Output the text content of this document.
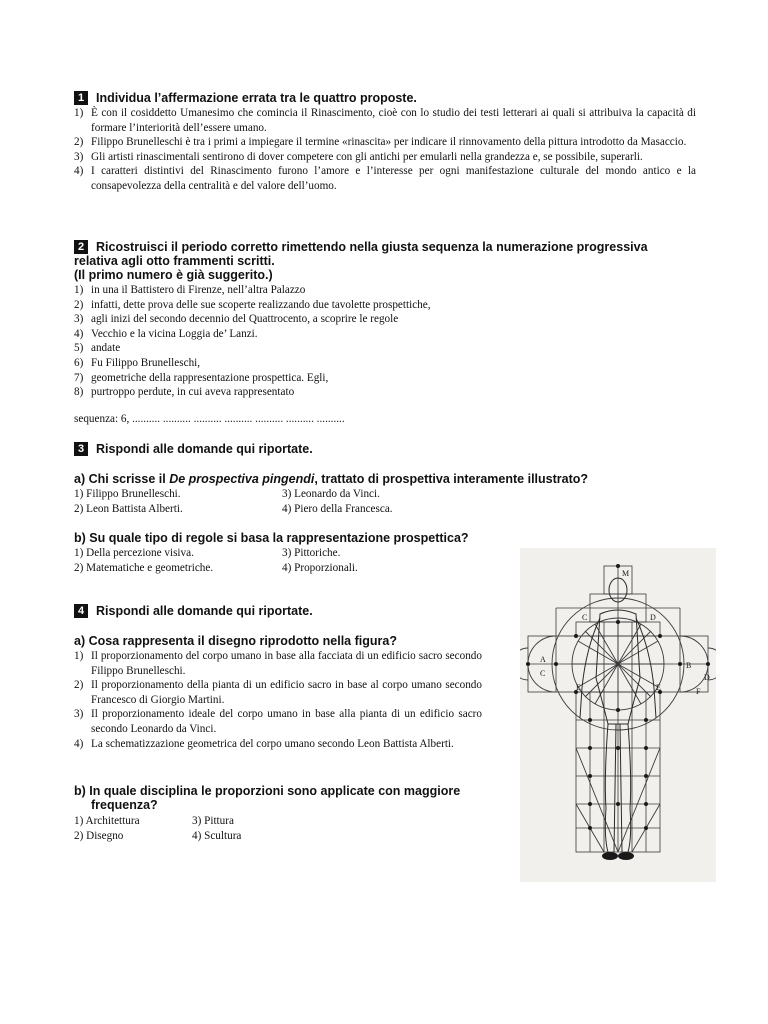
1 Individua l’affermazione errata tra le quattro proposte.
1) È con il cosiddetto Umanesimo che comincia il Rinascimento, cioè con lo studio dei testi letterari ai quali si attribuiva la capacità di formare l’interiorità dell’essere umano.
2) Filippo Brunelleschi è tra i primi a impiegare il termine «rinascita» per indicare il rinnovamento della pittura introdotto da Masaccio.
3) Gli artisti rinascimentali sentirono di dover competere con gli antichi per emularli nella grandezza e, se possibile, superarli.
4) I caratteri distintivi del Rinascimento furono l’amore e l’interesse per ogni manifestazione culturale del mondo antico e la consapevolezza della centralità e del valore dell’uomo.
2 Ricostruisci il periodo corretto rimettendo nella giusta sequenza la numerazione progressiva
relativa agli otto frammenti scritti.
(Il primo numero è già suggerito.)
1) in una il Battistero di Firenze, nell’altra Palazzo
2) infatti, dette prova delle sue scoperte realizzando due tavolette prospettiche,
3) agli inizi del secondo decennio del Quattrocento, a scoprire le regole
4) Vecchio e la vicina Loggia de’ Lanzi.
5) andate
6) Fu Filippo Brunelleschi,
7) geometriche della rappresentazione prospettica. Egli,
8) purtroppo perdute, in cui aveva rappresentato
sequenza: 6, .......... .......... .......... .......... .......... .......... ..........
3 Rispondi alle domande qui riportate.
a) Chi scrisse il De prospectiva pingendi, trattato di prospettiva interamente illustrato?
1) Filippo Brunelleschi.	3) Leonardo da Vinci.
2) Leon Battista Alberti.	4) Piero della Francesca.
b) Su quale tipo di regole si basa la rappresentazione prospettica?
1) Della percezione visiva.	3) Pittoriche.
2) Matematiche e geometriche.	4) Proporzionali.
4 Rispondi alle domande qui riportate.
a) Cosa rappresenta il disegno riprodotto nella figura?
1) Il proporzionamento del corpo umano in base alla facciata di un edificio sacro secondo Filippo Brunelleschi.
2) Il proporzionamento della pianta di un edificio sacro in base al corpo umano secondo Francesco di Giorgio Martini.
3) Il proporzionamento ideale del corpo umano in base alla pianta di un edificio sacro secondo Leonardo da Vinci.
4) La schematizzazione geometrica del corpo umano secondo Leon Battista Alberti.
b) In quale disciplina le proporzioni sono applicate con maggiore
frequenza?
1) Architettura	3) Pittura
2) Disegno	4) Scultura
M
C	D
A
C
B
D
E	E	F
